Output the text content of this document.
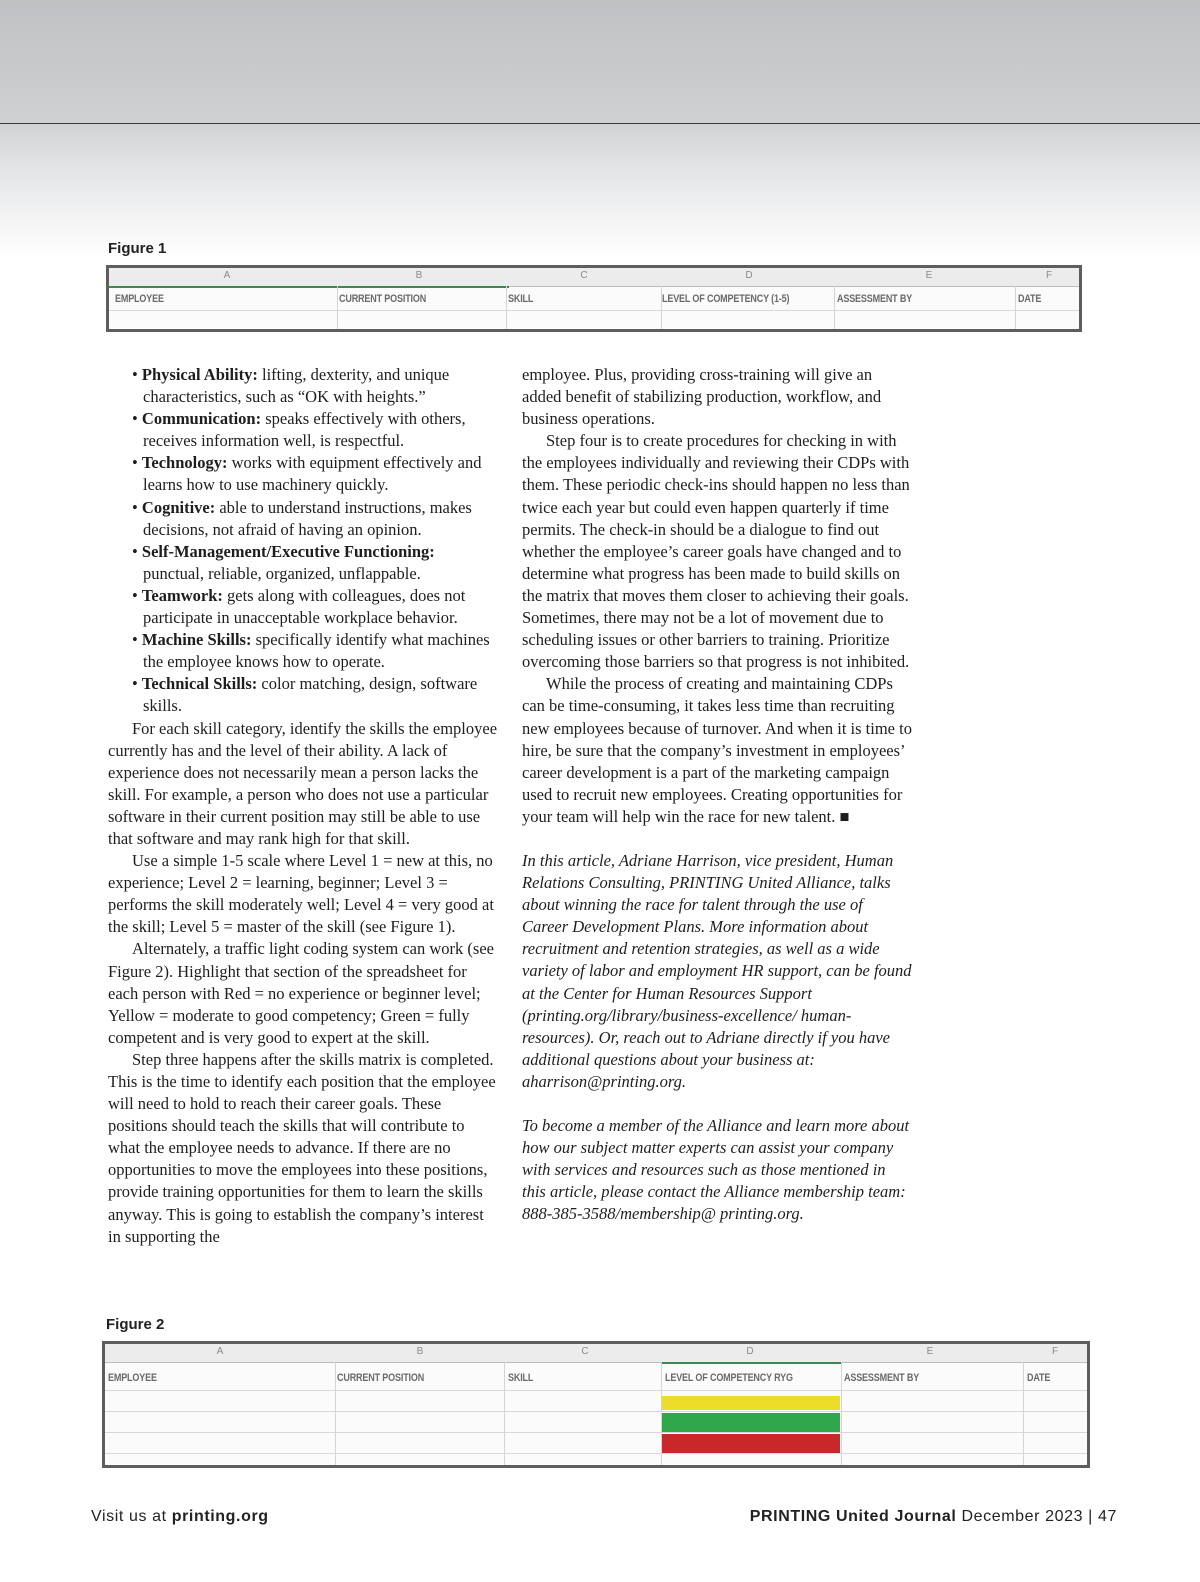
Figure 1
A	B	C	D	E	F
EMPLOYEE	CURRENT POSITION	SKILL	LEVEL OF COMPETENCY (1-5)	ASSESSMENT BY	DATE

• Physical Ability: lifting, dexterity, and unique characteristics, such as “OK with heights.”

• Communication: speaks effectively with others, receives information well, is respectful.

• Technology: works with equipment effectively and learns how to use machinery quickly.

• Cognitive: able to understand instructions, makes decisions, not afraid of having an opinion.

• Self-Management/Executive Functioning: punctual, reliable, organized, unflappable.

• Teamwork: gets along with colleagues, does not participate in unacceptable workplace behavior.

• Machine Skills: specifically identify what machines the employee knows how to operate.

• Technical Skills: color matching, design, software skills.

For each skill category, identify the skills the employee currently has and the level of their ability. A lack of experience does not necessarily mean a person lacks the skill. For example, a person who does not use a particular software in their current position may still be able to use that software and may rank high for that skill.

Use a simple 1-5 scale where Level 1 = new at this, no experience; Level 2 = learning, beginner; Level 3 = performs the skill moderately well; Level 4 = very good at the skill; Level 5 = master of the skill (see Figure 1).

Alternately, a traffic light coding system can work (see Figure 2). Highlight that section of the spreadsheet for each person with Red = no experience or beginner level; Yellow = moderate to good competency; Green = fully competent and is very good to expert at the skill.

Step three happens after the skills matrix is completed. This is the time to identify each position that the employee will need to hold to reach their career goals. These positions should teach the skills that will contribute to what the employee needs to advance. If there are no opportunities to move the employees into these positions, provide training opportunities for them to learn the skills anyway. This is going to establish the company’s interest in supporting the

employee. Plus, providing cross-training will give an added benefit of stabilizing production, workflow, and business operations.

Step four is to create procedures for checking in with the employees individually and reviewing their CDPs with them. These periodic check-ins should happen no less than twice each year but could even happen quarterly if time permits. The check-in should be a dialogue to find out whether the employee’s career goals have changed and to determine what progress has been made to build skills on the matrix that moves them closer to achieving their goals. Sometimes, there may not be a lot of movement due to scheduling issues or other barriers to training. Prioritize overcoming those barriers so that progress is not inhibited.

While the process of creating and maintaining CDPs can be time-consuming, it takes less time than recruiting new employees because of turnover. And when it is time to hire, be sure that the company’s investment in employees’ career development is a part of the marketing campaign used to recruit new employees. Creating opportunities for your team will help win the race for new talent. ■

In this article, Adriane Harrison, vice president, Human Relations Consulting, PRINTING United Alliance, talks about winning the race for talent through the use of Career Development Plans. More information about recruitment and retention strategies, as well as a wide variety of labor and employment HR support, can be found at the Center for Human Resources Support (printing.org/library/business-excellence/ human-resources). Or, reach out to Adriane directly if you have additional questions about your business at: aharrison@printing.org.

To become a member of the Alliance and learn more about how our subject matter experts can assist your company with services and resources such as those mentioned in this article, please contact the Alliance membership team: 888-385-3588/membership@ printing.org.

Figure 2
A	B	C	D	E	F
EMPLOYEE	CURRENT POSITION	SKILL	LEVEL OF COMPETENCY RYG	ASSESSMENT BY	DATE
Visit us at printing.org	PRINTING United Journal December 2023 | 47
